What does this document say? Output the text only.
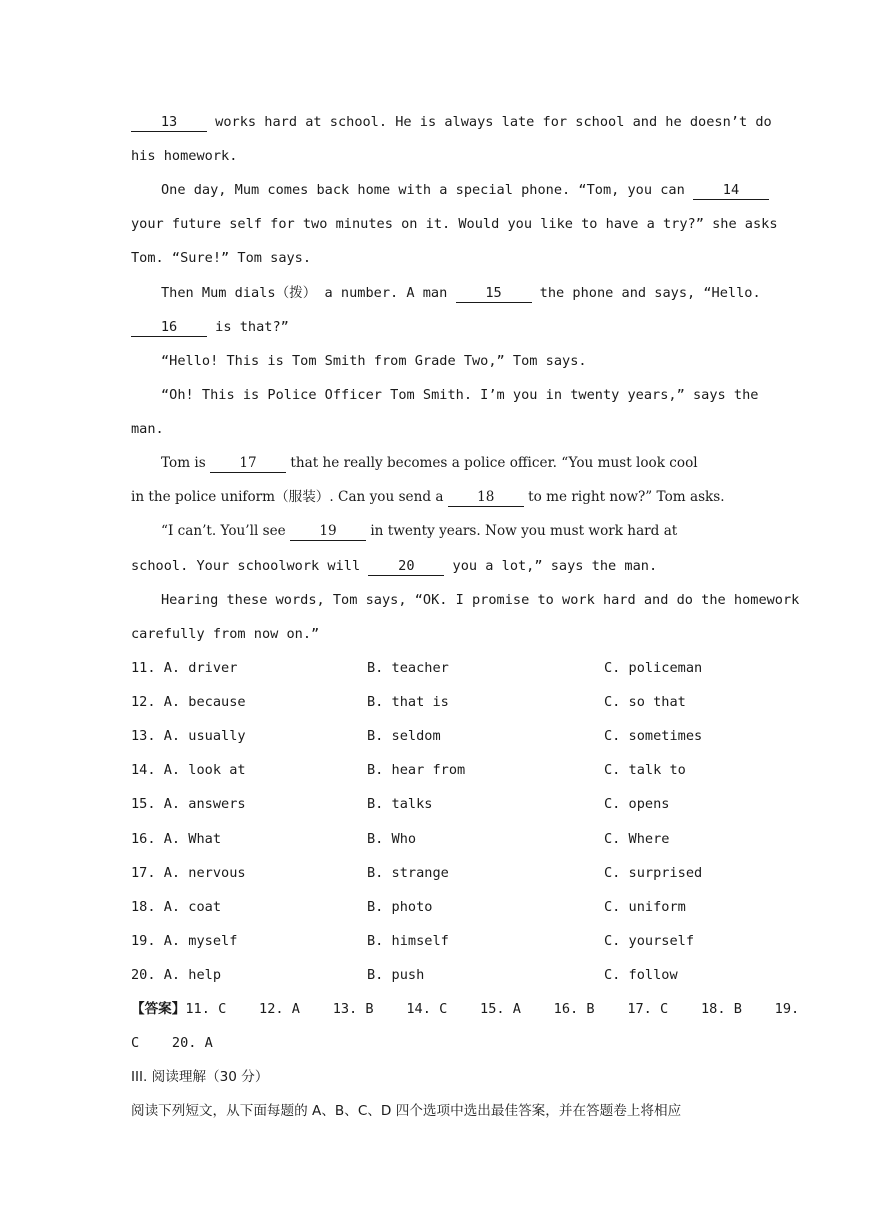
13 works hard at school. He is always late for school and he doesn’t do
his homework.
One day, Mum comes back home with a special phone. “Tom, you can 14
your future self for two minutes on it. Would you like to have a try?” she asks
Tom. “Sure!” Tom says.
Then Mum dials（拨） a number. A man 15 the phone and says, “Hello.
16 is that?”
“Hello! This is Tom Smith from Grade Two,” Tom says.
“Oh! This is Police Officer Tom Smith. I’m you in twenty years,” says the
man.
Tom is 17 that he really becomes a police officer. “You must look cool
in the police uniform（服装）. Can you send a 18 to me right now?” Tom asks.
“I can’t. You’ll see 19 in twenty years. Now you must work hard at
school. Your schoolwork will 20 you a lot,” says the man.
Hearing these words, Tom says, “OK. I promise to work hard and do the homework
carefully from now on.”
11. A. driver	B. teacher	C. policeman
12. A. because	B. that is	C. so that
13. A. usually	B. seldom	C. sometimes
14. A. look at	B. hear from	C. talk to
15. A. answers	B. talks	C. opens
16. A. What	B. Who	C. Where
17. A. nervous	B. strange	C. surprised
18. A. coat	B. photo	C. uniform
19. A. myself	B. himself	C. yourself
20. A. help	B. push	C. follow
【答案】11. C    12. A    13. B    14. C    15. A    16. B    17. C    18. B    19.
C    20. A
III. 阅读理解（30 分）
阅读下列短文，从下面每题的 A、B、C、D 四个选项中选出最佳答案，并在答题卷上将相应
